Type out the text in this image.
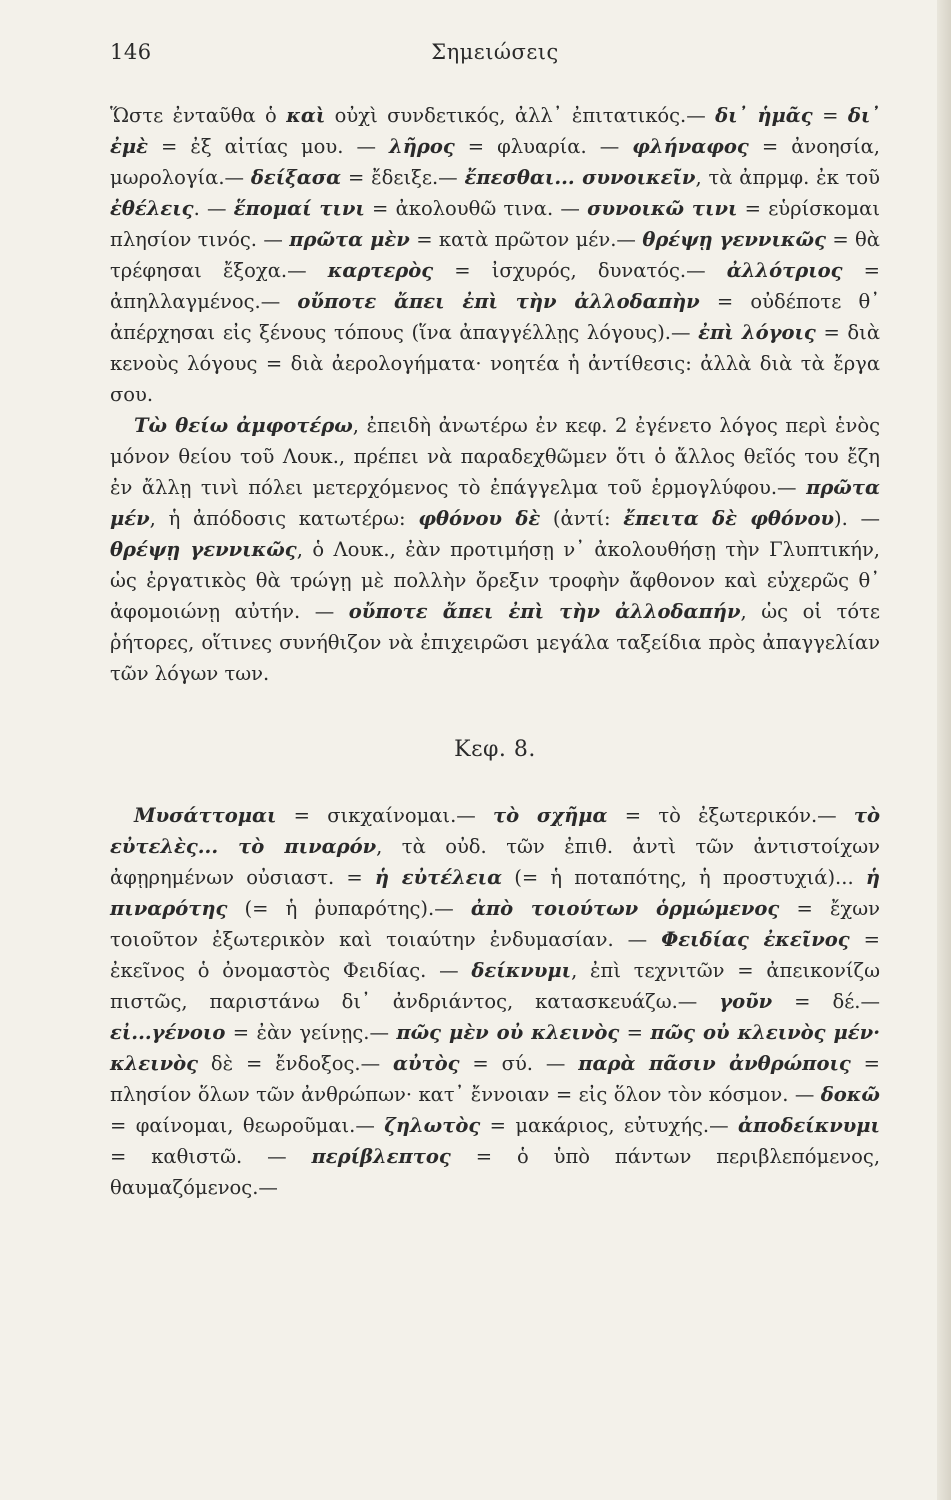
146	Σημειώσεις

Ὥστε ἐνταῦθα ὁ καὶ οὐχὶ συνδετικός, ἀλλ᾽ ἐπιτατικός.— δι᾽ ἡμᾶς = δι᾽ ἐμὲ = ἐξ αἰτίας μου. — λῆρος = φλυαρία. — φλήναφος = ἀνοησία, μωρολογία.— δείξασα = ἔδειξε.— ἔπεσθαι... συνοικεῖν, τὰ ἀπρμφ. ἐκ τοῦ ἐθέλεις. — ἕπομαί τινι = ἀκολουθῶ τινα. — συνοικῶ τινι = εὑρίσκομαι πλησίον τινός. — πρῶτα μὲν = κατὰ πρῶτον μέν.— θρέψῃ γεννικῶς = θὰ τρέφησαι ἔξοχα.— καρτερὸς = ἰσχυρός, δυνατός.— ἀλλότριος = ἀπηλλαγμένος.— οὔποτε ἄπει ἐπὶ τὴν ἀλλοδαπὴν = οὐδέποτε θ᾽ ἀπέρχησαι εἰς ξένους τόπους (ἵνα ἀπαγγέλλῃς λόγους).— ἐπὶ λόγοις = διὰ κενοὺς λόγους = διὰ ἀερολογήματα· νοητέα ἡ ἀντίθεσις: ἀλλὰ διὰ τὰ ἔργα σου.

Τὼ θείω ἀμφοτέρω, ἐπειδὴ ἀνωτέρω ἐν κεφ. 2 ἐγένετο λόγος περὶ ἑνὸς μόνον θείου τοῦ Λουκ., πρέπει νὰ παραδεχθῶμεν ὅτι ὁ ἄλλος θεῖός του ἔζη ἐν ἄλλῃ τινὶ πόλει μετερχόμενος τὸ ἐπάγγελμα τοῦ ἑρμογλύφου.— πρῶτα μέν, ἡ ἀπόδοσις κατωτέρω: φθόνου δὲ (ἀντί: ἔπειτα δὲ φθόνου). — θρέψῃ γεννικῶς, ὁ Λουκ., ἐὰν προτιμήσῃ ν᾽ ἀκολουθήσῃ τὴν Γλυπτικήν, ὡς ἐργατικὸς θὰ τρώγῃ μὲ πολλὴν ὄρεξιν τροφὴν ἄφθονον καὶ εὐχερῶς θ᾽ ἀφομοιώνῃ αὐτήν. — οὔποτε ἄπει ἐπὶ τὴν ἀλλοδαπήν, ὡς οἱ τότε ῥήτορες, οἵτινες συνήθιζον νὰ ἐπιχειρῶσι μεγάλα ταξείδια πρὸς ἀπαγγελίαν τῶν λόγων των.

Κεφ. 8.

Μυσάττομαι = σικχαίνομαι.— τὸ σχῆμα = τὸ ἐξωτερικόν.— τὸ εὐτελὲς... τὸ πιναρόν, τὰ οὐδ. τῶν ἐπιθ. ἀντὶ τῶν ἀντιστοίχων ἀφῃρημένων οὐσιαστ. = ἡ εὐτέλεια (= ἡ ποταπότης, ἡ προστυχιά)... ἡ πιναρότης (= ἡ ῥυπαρότης).— ἀπὸ τοιούτων ὁρμώμενος = ἔχων τοιοῦτον ἐξωτερικὸν καὶ τοιαύτην ἐνδυμασίαν. — Φειδίας ἐκεῖνος = ἐκεῖνος ὁ ὀνομαστὸς Φειδίας. — δείκνυμι, ἐπὶ τεχνιτῶν = ἀπεικονίζω πιστῶς, παριστάνω δι᾽ ἀνδριάντος, κατασκευάζω.— γοῦν = δέ.— εἰ...γένοιο = ἐὰν γείνῃς.— πῶς μὲν οὐ κλεινὸς = πῶς οὐ κλεινὸς μέν· κλεινὸς δὲ = ἔνδοξος.— αὐτὸς = σύ. — παρὰ πᾶσιν ἀνθρώποις = πλησίον ὅλων τῶν ἀνθρώπων· κατ᾽ ἔννοιαν = εἰς ὅλον τὸν κόσμον. — δοκῶ = φαίνομαι, θεωροῦμαι.— ζηλωτὸς = μακάριος, εὐτυχής.— ἀποδείκνυμι = καθιστῶ. — περίβλεπτος = ὁ ὑπὸ πάντων περιβλεπόμενος, θαυμαζόμενος.—
